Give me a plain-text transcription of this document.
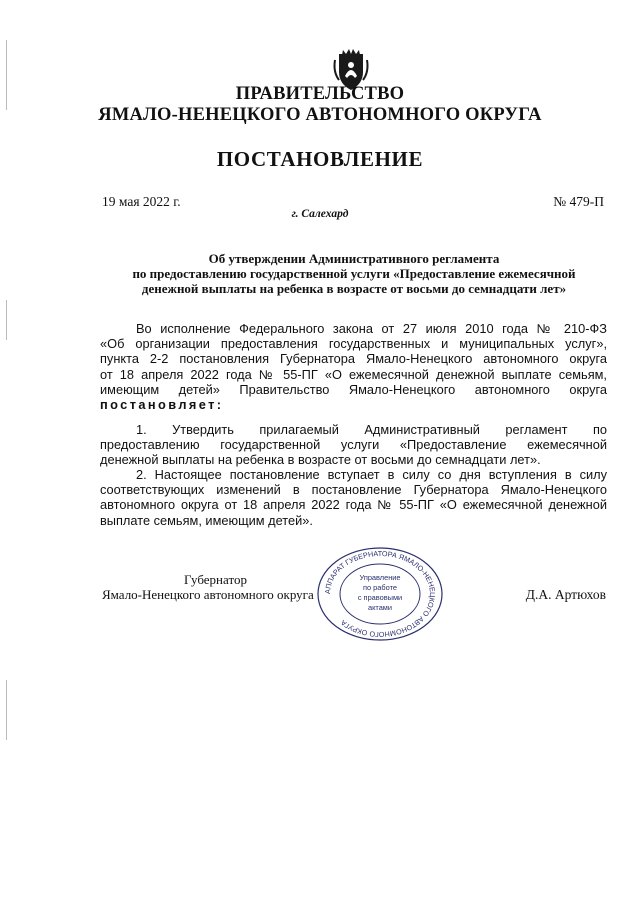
ПРАВИТЕЛЬСТВО
ЯМАЛО-НЕНЕЦКОГО АВТОНОМНОГО ОКРУГА
ПОСТАНОВЛЕНИЕ
19 мая 2022 г.	№ 479-П
г. Салехард
Об утверждении Административного регламента
по предоставлению государственной услуги «Предоставление ежемесячной
денежной выплаты на ребенка в возрасте от восьми до семнадцати лет»
Во исполнение Федерального закона от 27 июля 2010 года № 210-ФЗ
«Об организации предоставления государственных и муниципальных услуг»,
пункта 2-2 постановления Губернатора Ямало-Ненецкого автономного округа
от 18 апреля 2022 года № 55-ПГ «О ежемесячной денежной выплате семьям,
имеющим детей» Правительство Ямало-Ненецкого автономного округа
постановляет:
1. Утвердить прилагаемый Административный регламент по
предоставлению государственной услуги «Предоставление ежемесячной
денежной выплаты на ребенка в возрасте от восьми до семнадцати лет».
2. Настоящее постановление вступает в силу со дня вступления в силу
соответствующих изменений в постановление Губернатора Ямало-Ненецкого
автономного округа от 18 апреля 2022 года № 55-ПГ «О ежемесячной денежной
выплате семьям, имеющим детей».
Губернатор
Ямало-Ненецкого автономного округа	Д.А. Артюхов
АППАРАТ ГУБЕРНАТОРА ЯМАЛО-НЕНЕЦКОГО АВТОНОМНОГО ОКРУГА
Управление
по работе
с правовыми
актами
